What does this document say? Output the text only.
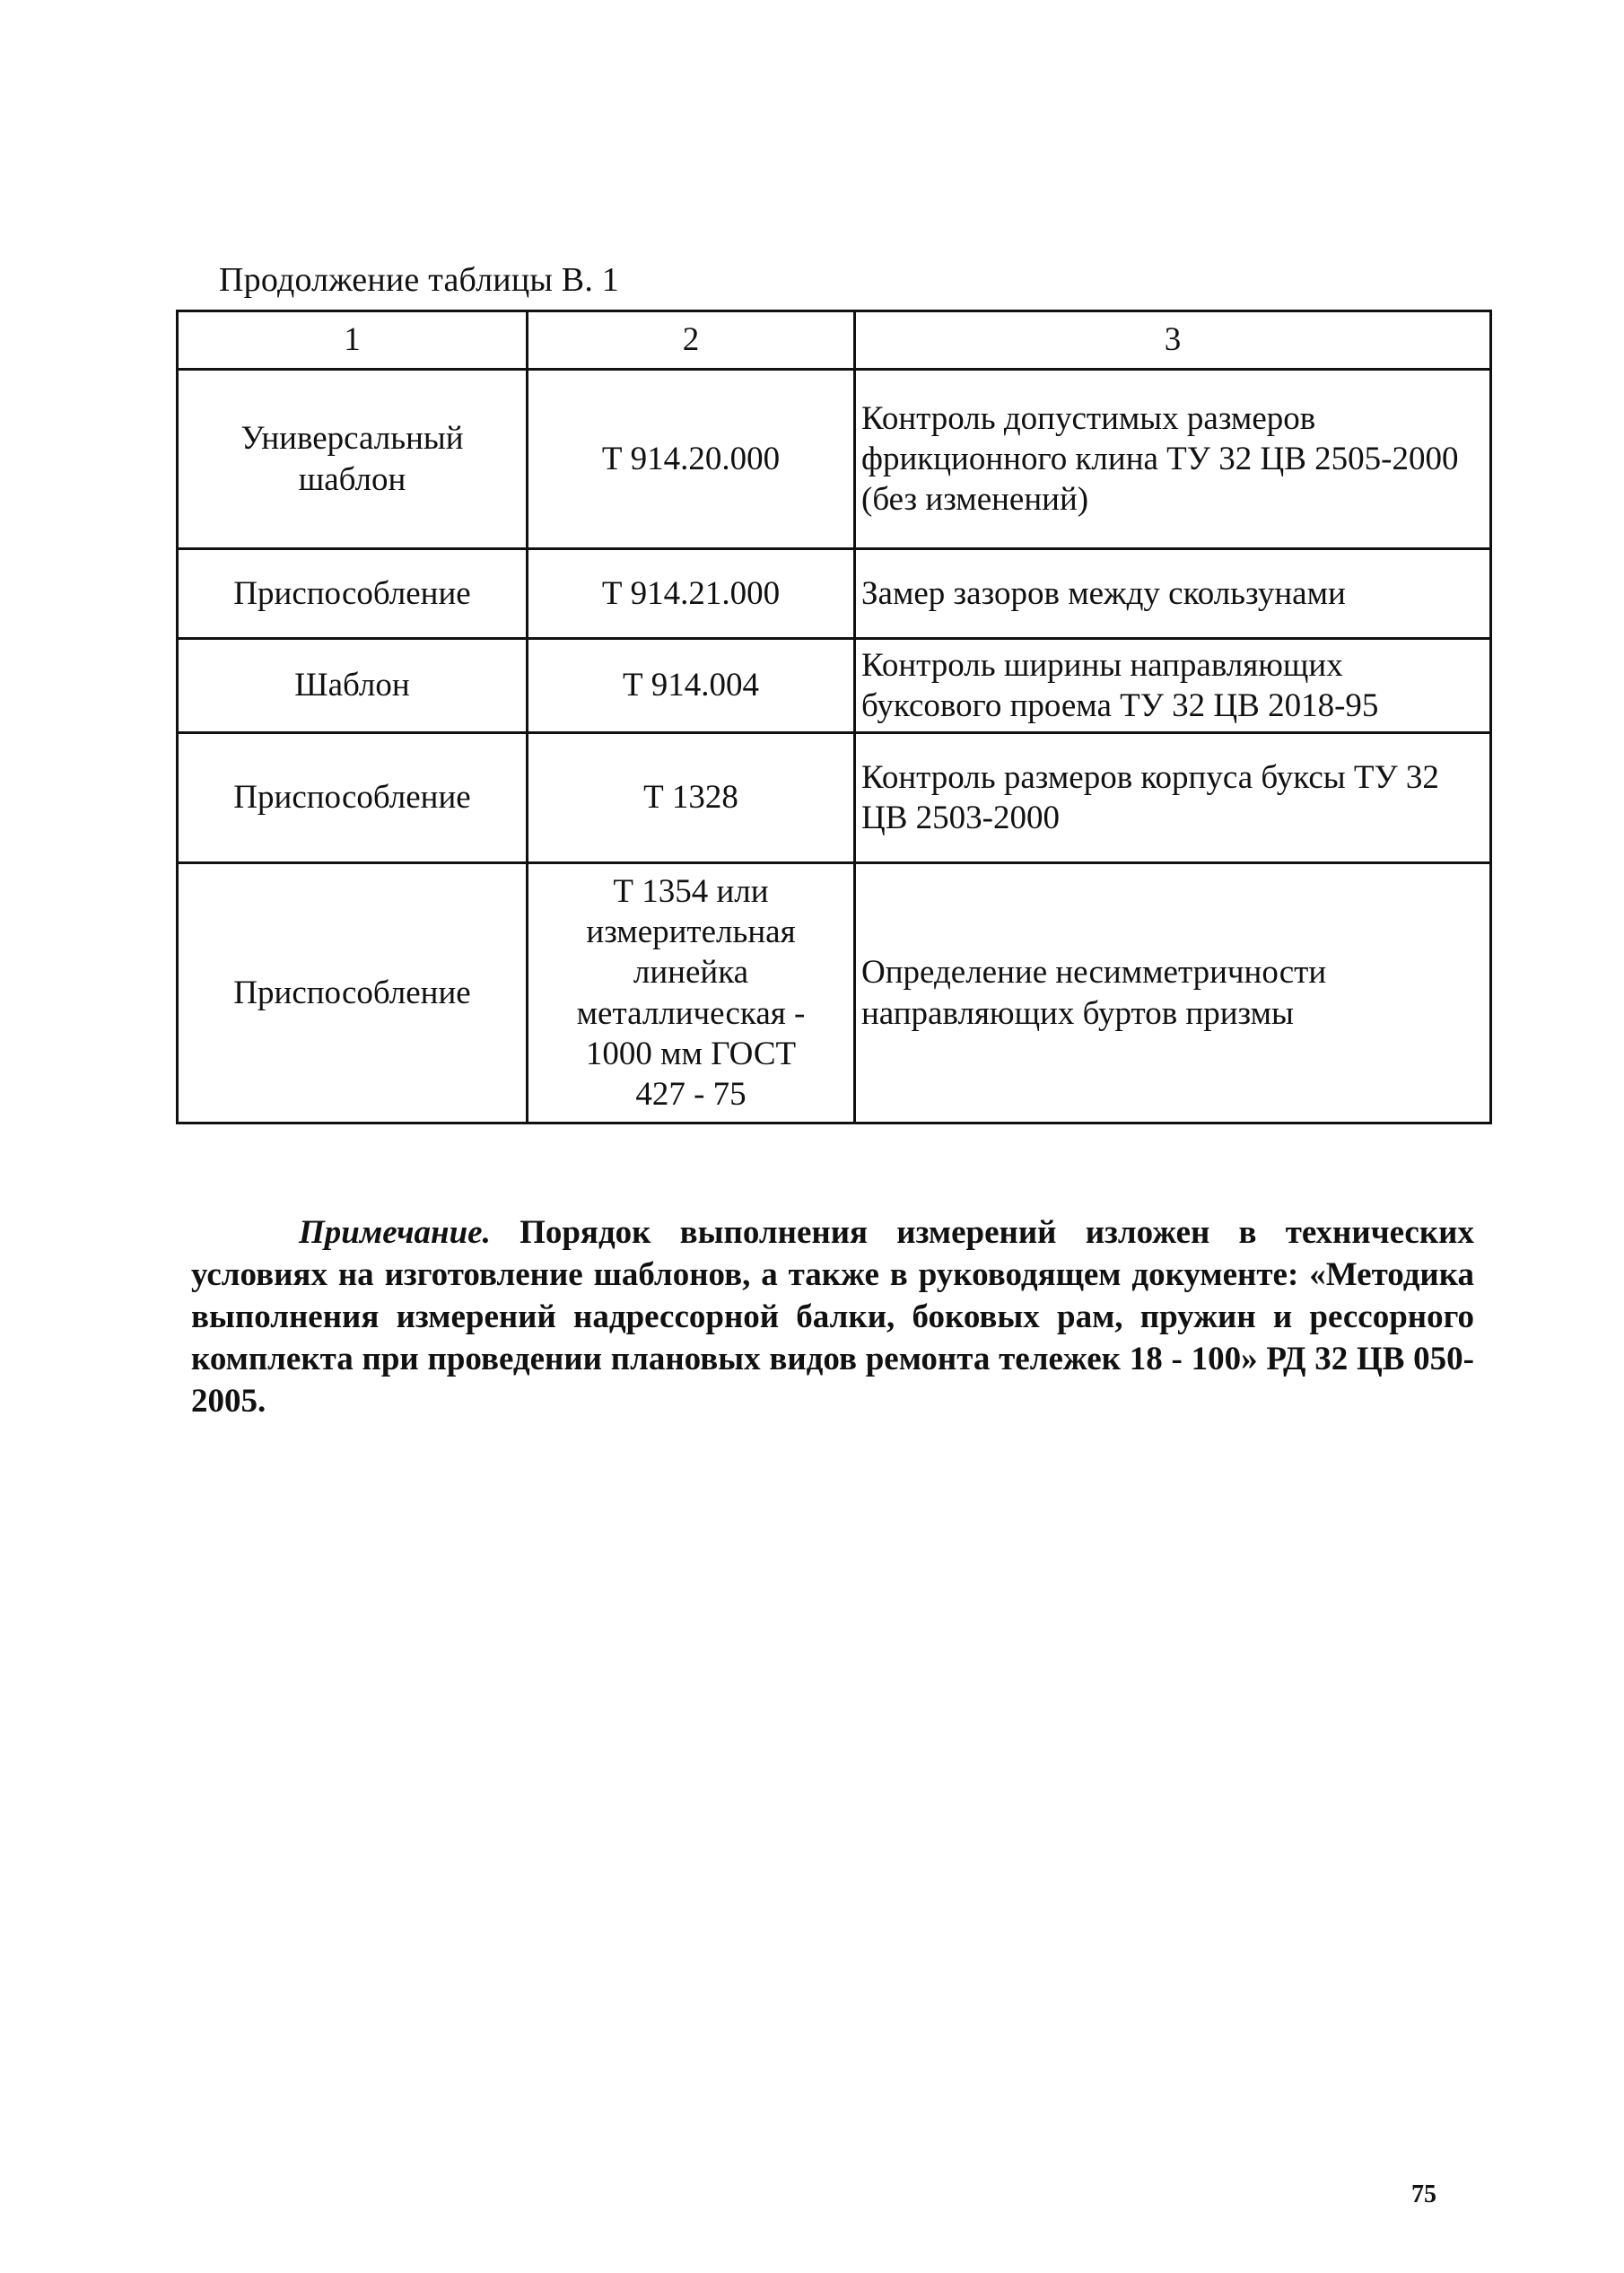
Продолжение таблицы В. 1
1	2	3
Универсальный шаблон	Т 914.20.000	Контроль допустимых размеров фрикционного клина ТУ 32 ЦВ 2505-2000 (без изменений)
Приспособление	Т 914.21.000	Замер зазоров между скользунами
Шаблон	Т 914.004	Контроль ширины направляющих буксового проема ТУ 32 ЦВ 2018-95
Приспособление	Т 1328	Контроль размеров корпуса буксы ТУ 32 ЦВ 2503-2000
Приспособление	Т 1354 или измерительная линейка металлическая - 1000 мм ГОСТ 427 - 75	Определение несимметричности направляющих буртов призмы
Примечание. Порядок выполнения измерений изложен в технических условиях на изготовление шаблонов, а также в руководящем документе: «Методика выполнения измерений надрессорной балки, боковых рам, пружин и рессорного комплекта при проведении плановых видов ремонта тележек 18 - 100» РД 32 ЦВ 050-2005.
75
